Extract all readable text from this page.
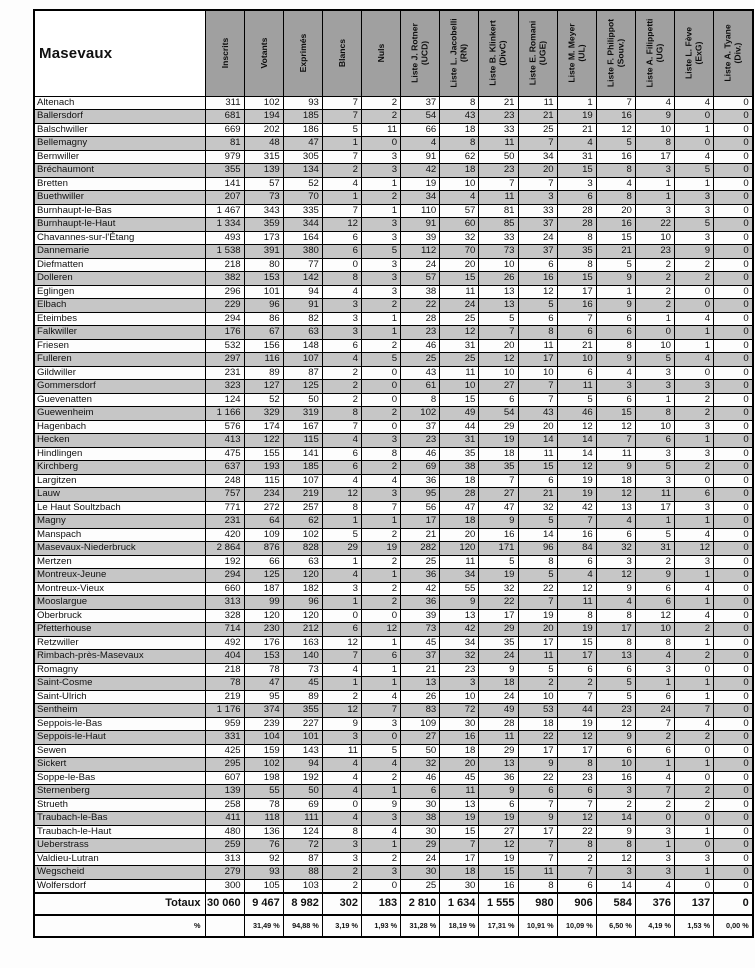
Masevaux	Inscrits	Votants	Exprimés	Blancs	Nuls	Liste J. Rotner (UCD)	Liste L. Jacobelli (RN)	Liste B. Klinkert (DivC)	Liste E. Romani (UGE)	Liste M. Meyer (UL)	Liste F. Philippot (Souv.)	Liste A. Filippetti (UG)	Liste L. Fève (ExG)	Liste A. Tyane (Div.)

Altenach	311	102	93	7	2	37	8	21	11	1	7	4	4	0
Ballersdorf	681	194	185	7	2	54	43	23	21	19	16	9	0	0
Balschwiller	669	202	186	5	11	66	18	33	25	21	12	10	1	0
Bellemagny	81	48	47	1	0	4	8	11	7	4	5	8	0	0
Bernwiller	979	315	305	7	3	91	62	50	34	31	16	17	4	0
Bréchaumont	355	139	134	2	3	42	18	23	20	15	8	3	5	0
Bretten	141	57	52	4	1	19	10	7	7	3	4	1	1	0
Buethwiller	207	73	70	1	2	34	4	11	3	6	8	1	3	0
Burnhaupt-le-Bas	1 467	343	335	7	1	110	57	81	33	28	20	3	3	0
Burnhaupt-le-Haut	1 334	359	344	12	3	91	60	85	37	28	16	22	5	0
Chavannes-sur-l'Étang	493	173	164	6	3	39	32	33	24	8	15	10	3	0
Dannemarie	1 538	391	380	6	5	112	70	73	37	35	21	23	9	0
Diefmatten	218	80	77	0	3	24	20	10	6	8	5	2	2	0
Dolleren	382	153	142	8	3	57	15	26	16	15	9	2	2	0
Eglingen	296	101	94	4	3	38	11	13	12	17	1	2	0	0
Elbach	229	96	91	3	2	22	24	13	5	16	9	2	0	0
Eteimbes	294	86	82	3	1	28	25	5	6	7	6	1	4	0
Falkwiller	176	67	63	3	1	23	12	7	8	6	6	0	1	0
Friesen	532	156	148	6	2	46	31	20	11	21	8	10	1	0
Fulleren	297	116	107	4	5	25	25	12	17	10	9	5	4	0
Gildwiller	231	89	87	2	0	43	11	10	10	6	4	3	0	0
Gommersdorf	323	127	125	2	0	61	10	27	7	11	3	3	3	0
Guevenatten	124	52	50	2	0	8	15	6	7	5	6	1	2	0
Guewenheim	1 166	329	319	8	2	102	49	54	43	46	15	8	2	0
Hagenbach	576	174	167	7	0	37	44	29	20	12	12	10	3	0
Hecken	413	122	115	4	3	23	31	19	14	14	7	6	1	0
Hindlingen	475	155	141	6	8	46	35	18	11	14	11	3	3	0
Kirchberg	637	193	185	6	2	69	38	35	15	12	9	5	2	0
Largitzen	248	115	107	4	4	36	18	7	6	19	18	3	0	0
Lauw	757	234	219	12	3	95	28	27	21	19	12	11	6	0
Le Haut Soultzbach	771	272	257	8	7	56	47	47	32	42	13	17	3	0
Magny	231	64	62	1	1	17	18	9	5	7	4	1	1	0
Manspach	420	109	102	5	2	21	20	16	14	16	6	5	4	0
Masevaux-Niederbruck	2 864	876	828	29	19	282	120	171	96	84	32	31	12	0
Mertzen	192	66	63	1	2	25	11	5	8	6	3	2	3	0
Montreux-Jeune	294	125	120	4	1	36	34	19	5	4	12	9	1	0
Montreux-Vieux	660	187	182	3	2	42	55	32	22	12	9	6	4	0
Mooslargue	313	99	96	1	2	36	9	22	7	11	4	6	1	0
Oberbruck	328	120	120	0	0	39	13	17	19	8	8	12	4	0
Pfetterhouse	714	230	212	6	12	73	42	29	20	19	17	10	2	0
Retzwiller	492	176	163	12	1	45	34	35	17	15	8	8	1	0
Rimbach-près-Masevaux	404	153	140	7	6	37	32	24	11	17	13	4	2	0
Romagny	218	78	73	4	1	21	23	9	5	6	6	3	0	0
Saint-Cosme	78	47	45	1	1	13	3	18	2	2	5	1	1	0
Saint-Ulrich	219	95	89	2	4	26	10	24	10	7	5	6	1	0
Sentheim	1 176	374	355	12	7	83	72	49	53	44	23	24	7	0
Seppois-le-Bas	959	239	227	9	3	109	30	28	18	19	12	7	4	0
Seppois-le-Haut	331	104	101	3	0	27	16	11	22	12	9	2	2	0
Sewen	425	159	143	11	5	50	18	29	17	17	6	6	0	0
Sickert	295	102	94	4	4	32	20	13	9	8	10	1	1	0
Soppe-le-Bas	607	198	192	4	2	46	45	36	22	23	16	4	0	0
Sternenberg	139	55	50	4	1	6	11	9	6	6	3	7	2	0
Strueth	258	78	69	0	9	30	13	6	7	7	2	2	2	0
Traubach-le-Bas	411	118	111	4	3	38	19	19	9	12	14	0	0	0
Traubach-le-Haut	480	136	124	8	4	30	15	27	17	22	9	3	1	0
Ueberstrass	259	76	72	3	1	29	7	12	7	8	8	1	0	0
Valdieu-Lutran	313	92	87	3	2	24	17	19	7	2	12	3	3	0
Wegscheid	279	93	88	2	3	30	18	15	11	7	3	3	1	0
Wolfersdorf	300	105	103	2	0	25	30	16	8	6	14	4	0	0
Totaux	30 060	9 467	8 982	302	183	2 810	1 634	1 555	980	906	584	376	137	0
%		31,49 %	94,88 %	3,19 %	1,93 %	31,28 %	18,19 %	17,31 %	10,91 %	10,09 %	6,50 %	4,19 %	1,53 %	0,00 %
